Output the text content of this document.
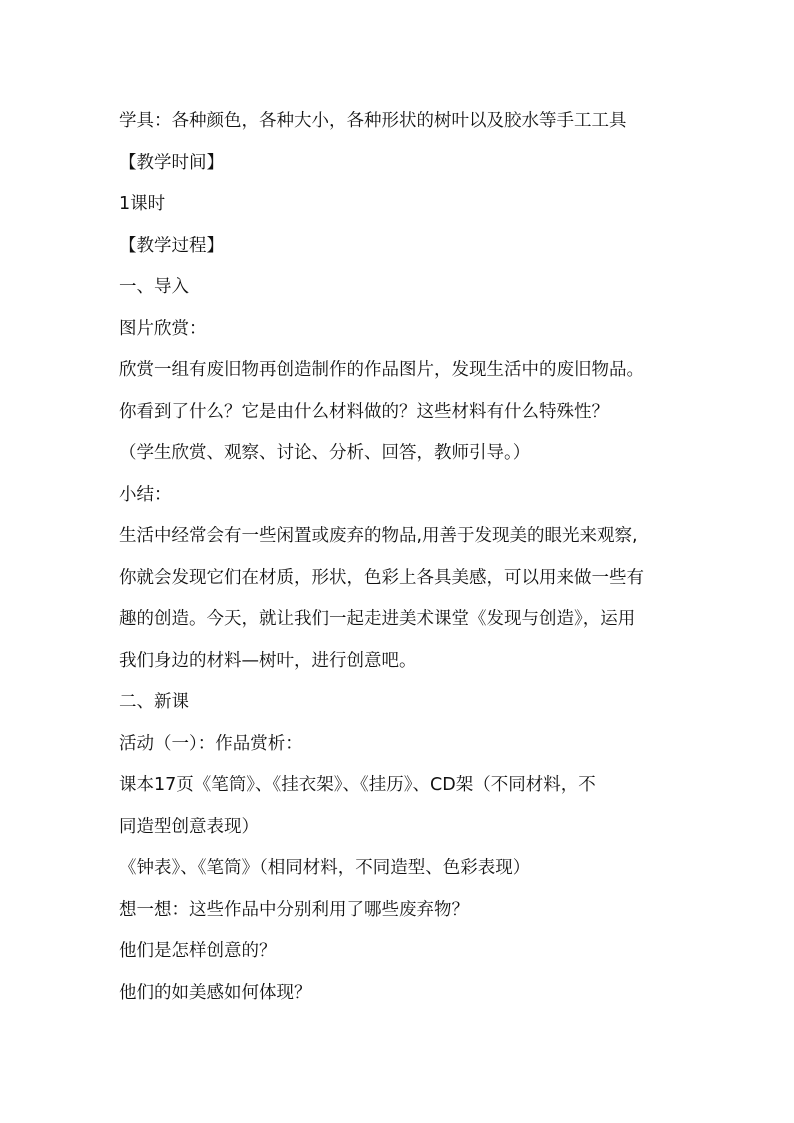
学具：各种颜色，各种大小，各种形状的树叶以及胶水等手工工具
【教学时间】
1课时
【教学过程】
一、导入
图片欣赏：
欣赏一组有废旧物再创造制作的作品图片，发现生活中的废旧物品。
你看到了什么？它是由什么材料做的？这些材料有什么特殊性？
（学生欣赏、观察、讨论、分析、回答，教师引导。）
小结：
生活中经常会有一些闲置或废弃的物品,用善于发现美的眼光来观察,
你就会发现它们在材质，形状，色彩上各具美感，可以用来做一些有
趣的创造。今天，就让我们一起走进美术课堂《发现与创造》，运用
我们身边的材料—树叶，进行创意吧。
二、新课
活动（一）：作品赏析：
课本17页《笔筒》、《挂衣架》、《挂历》、CD架（不同材料，不
同造型创意表现）
《钟表》、《笔筒》（相同材料，不同造型、色彩表现）
想一想：这些作品中分别利用了哪些废弃物？
他们是怎样创意的？
他们的如美感如何体现？
